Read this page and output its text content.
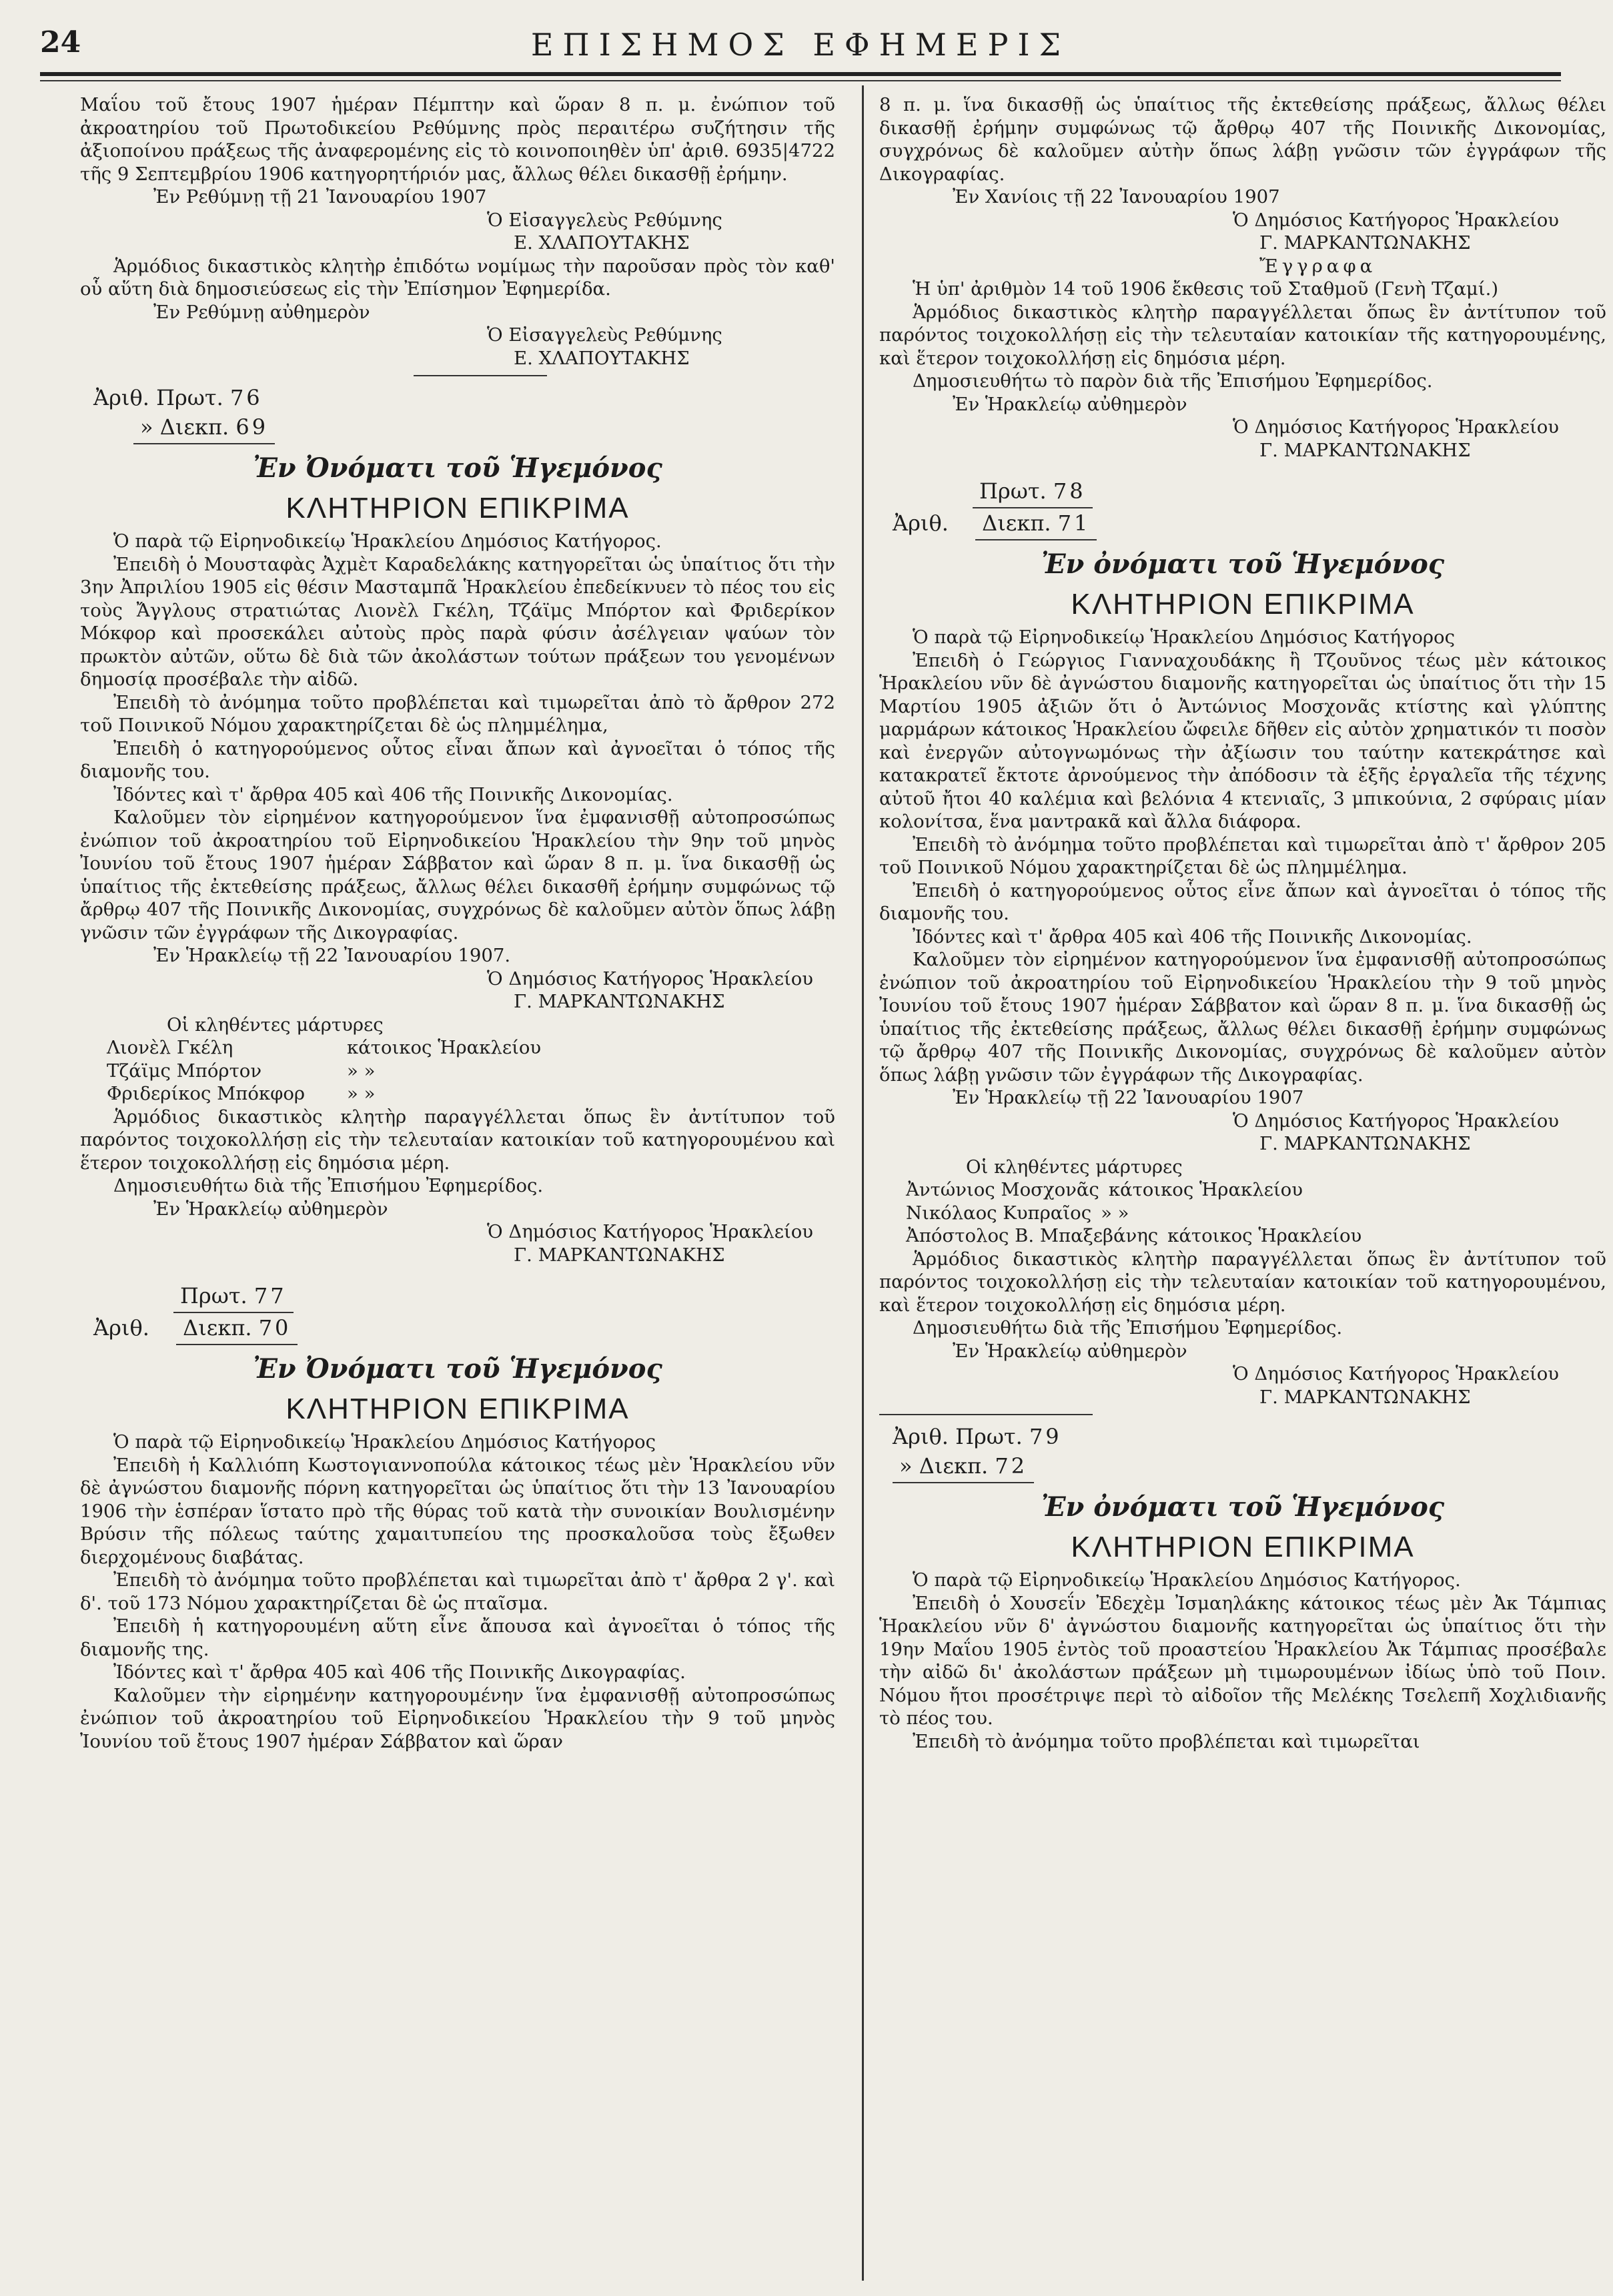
24	ΕΠΙΣΗΜΟΣ ΕΦΗΜΕΡΙΣ

Μαΐου τοῦ ἔτους 1907 ἡμέραν Πέμπτην καὶ ὥραν 8 π. μ. ἐνώπιον τοῦ ἀκροατηρίου τοῦ Πρωτοδικείου Ρεθύμνης πρὸς περαιτέρω συζήτησιν τῆς ἀξιοποίνου πράξεως τῆς ἀναφερομένης εἰς τὸ κοινοποιηθὲν ὑπ' ἀριθ. 6935|4722 τῆς 9 Σεπτεμβρίου 1906 κατηγορητήριόν μας, ἄλλως θέλει δικασθῇ ἐρήμην.

Ἐν Ρεθύμνῃ τῇ 21 Ἰανουαρίου 1907

Ὁ Εἰσαγγελεὺς Ρεθύμνης

Ε. ΧΛΑΠΟΥΤΑΚΗΣ

Ἁρμόδιος δικαστικὸς κλητὴρ ἐπιδότω νομίμως τὴν παροῦσαν πρὸς τὸν καθ' οὗ αὕτη διὰ δημοσιεύσεως εἰς τὴν Ἐπίσημον Ἐφημερίδα.

Ἐν Ρεθύμνῃ αὐθημερὸν

Ὁ Εἰσαγγελεὺς Ρεθύμνης

Ε. ΧΛΑΠΟΥΤΑΚΗΣ

Ἀριθ. Πρωτ. 76
» Διεκπ. 69
Ἐν Ὀνόματι τοῦ Ἡγεμόνος
ΚΛΗΤΗΡΙΟΝ ΕΠΙΚΡΙΜΑ

Ὁ παρὰ τῷ Εἰρηνοδικείῳ Ἡρακλείου Δημόσιος Κατήγορος.

Ἐπειδὴ ὁ Μουσταφὰς Ἀχμὲτ Καραδελάκης κατηγορεῖται ὡς ὑπαίτιος ὅτι τὴν 3ην Ἀπριλίου 1905 εἰς θέσιν Μασταμπᾶ Ἡρακλείου ἐπεδείκνυεν τὸ πέος του εἰς τοὺς Ἄγγλους στρατιώτας Λιονὲλ Γκέλη, Τζάϊμς Μπόρτον καὶ Φριδερίκον Μόκφορ καὶ προσεκάλει αὐτοὺς πρὸς παρὰ φύσιν ἀσέλγειαν ψαύων τὸν πρωκτὸν αὐτῶν, οὕτω δὲ διὰ τῶν ἀκολάστων τούτων πράξεων του γενομένων δημοσίᾳ προσέβαλε τὴν αἰδῶ.

Ἐπειδὴ τὸ ἀνόμημα τοῦτο προβλέπεται καὶ τιμωρεῖται ἀπὸ τὸ ἄρθρον 272 τοῦ Ποινικοῦ Νόμου χαρακτηρίζεται δὲ ὡς πλημμέλημα,

Ἐπειδὴ ὁ κατηγορούμενος οὗτος εἶναι ἄπων καὶ ἀγνοεῖται ὁ τόπος τῆς διαμονῆς του.

Ἰδόντες καὶ τ' ἄρθρα 405 καὶ 406 τῆς Ποινικῆς Δικονομίας.

Καλοῦμεν τὸν εἰρημένον κατηγορούμενον ἵνα ἐμφανισθῇ αὐτοπροσώπως ἐνώπιον τοῦ ἀκροατηρίου τοῦ Εἰρηνοδικείου Ἡρακλείου τὴν 9ην τοῦ μηνὸς Ἰουνίου τοῦ ἔτους 1907 ἡμέραν Σάββατον καὶ ὥραν 8 π. μ. ἵνα δικασθῇ ὡς ὑπαίτιος τῆς ἐκτεθείσης πράξεως, ἄλλως θέλει δικασθῆ ἐρήμην συμφώνως τῷ ἄρθρῳ 407 τῆς Ποινικῆς Δικονομίας, συγχρόνως δὲ καλοῦμεν αὐτὸν ὅπως λάβῃ γνῶσιν τῶν ἐγγράφων τῆς Δικογραφίας.

Ἐν Ἡρακλείῳ τῇ 22 Ἰανουαρίου 1907.

Ὁ Δημόσιος Κατήγορος Ἡρακλείου

Γ. ΜΑΡΚΑΝΤΩΝΑΚΗΣ

Οἱ κληθέντες μάρτυρες

Λιονὲλ Γκέλη	κάτοικος Ἡρακλείου
Τζάϊμς Μπόρτον	» »
Φριδερίκος Μπόκφορ	» »

Ἁρμόδιος δικαστικὸς κλητὴρ παραγγέλλεται ὅπως ἓν ἀντίτυπον τοῦ παρόντος τοιχοκολλήσῃ εἰς τὴν τελευταίαν κατοικίαν τοῦ κατηγορουμένου καὶ ἕτερον τοιχοκολλήσῃ εἰς δημόσια μέρη.

Δημοσιευθήτω διὰ τῆς Ἐπισήμου Ἐφημερίδος.

Ἐν Ἡρακλείῳ αὐθημερὸν

Ὁ Δημόσιος Κατήγορος Ἡρακλείου

Γ. ΜΑΡΚΑΝΤΩΝΑΚΗΣ

Πρωτ. 77
Ἀριθ. Διεκπ. 70
Ἐν Ὀνόματι τοῦ Ἡγεμόνος
ΚΛΗΤΗΡΙΟΝ ΕΠΙΚΡΙΜΑ

Ὁ παρὰ τῷ Εἰρηνοδικείῳ Ἡρακλείου Δημόσιος Κατήγορος

Ἐπειδὴ ἡ Καλλιόπη Κωστογιαννοπούλα κάτοικος τέως μὲν Ἡρακλείου νῦν δὲ ἀγνώστου διαμονῆς πόρνη κατηγορεῖται ὡς ὑπαίτιος ὅτι τὴν 13 Ἰανουαρίου 1906 τὴν ἑσπέραν ἵστατο πρὸ τῆς θύρας τοῦ κατὰ τὴν συνοικίαν Βουλισμένην Βρύσιν τῆς πόλεως ταύτης χαμαιτυπείου της προσκαλοῦσα τοὺς ἔξωθεν διερχομένους διαβάτας.

Ἐπειδὴ τὸ ἀνόμημα τοῦτο προβλέπεται καὶ τιμωρεῖται ἀπὸ τ' ἄρθρα 2 γ'. καὶ δ'. τοῦ 173 Νόμου χαρακτηρίζεται δὲ ὡς πταῖσμα.

Ἐπειδὴ ἡ κατηγορουμένη αὕτη εἶνε ἄπουσα καὶ ἀγνοεῖται ὁ τόπος τῆς διαμονῆς της.

Ἰδόντες καὶ τ' ἄρθρα 405 καὶ 406 τῆς Ποινικῆς Δικογραφίας.

Καλοῦμεν τὴν εἰρημένην κατηγορουμένην ἵνα ἐμφανισθῇ αὐτοπροσώπως ἐνώπιον τοῦ ἀκροατηρίου τοῦ Εἰρηνοδικείου Ἡρακλείου τὴν 9 τοῦ μηνὸς Ἰουνίου τοῦ ἔτους 1907 ἡμέραν Σάββατον καὶ ὥραν

8 π. μ. ἵνα δικασθῇ ὡς ὑπαίτιος τῆς ἐκτεθείσης πράξεως, ἄλλως θέλει δικασθῇ ἐρήμην συμφώνως τῷ ἄρθρῳ 407 τῆς Ποινικῆς Δικονομίας, συγχρόνως δὲ καλοῦμεν αὐτὴν ὅπως λάβῃ γνῶσιν τῶν ἐγγράφων τῆς Δικογραφίας.

Ἐν Χανίοις τῇ 22 Ἰανουαρίου 1907

Ὁ Δημόσιος Κατήγορος Ἡρακλείου

Γ. ΜΑΡΚΑΝΤΩΝΑΚΗΣ

Ἔγγραφα

Ἡ ὑπ' ἀριθμὸν 14 τοῦ 1906 ἔκθεσις τοῦ Σταθμοῦ (Γενὴ Τζαμί.)

Ἁρμόδιος δικαστικὸς κλητὴρ παραγγέλλεται ὅπως ἓν ἀντίτυπον τοῦ παρόντος τοιχοκολλήσῃ εἰς τὴν τελευταίαν κατοικίαν τῆς κατηγορουμένης, καὶ ἕτερον τοιχοκολλήσῃ εἰς δημόσια μέρη.

Δημοσιευθήτω τὸ παρὸν διὰ τῆς Ἐπισήμου Ἐφημερίδος.

Ἐν Ἡρακλείῳ αὐθημερὸν

Ὁ Δημόσιος Κατήγορος Ἡρακλείου

Γ. ΜΑΡΚΑΝΤΩΝΑΚΗΣ

Πρωτ. 78
Ἀριθ. Διεκπ. 71
Ἐν ὀνόματι τοῦ Ἡγεμόνος
ΚΛΗΤΗΡΙΟΝ ΕΠΙΚΡΙΜΑ

Ὁ παρὰ τῷ Εἰρηνοδικείῳ Ἡρακλείου Δημόσιος Κατήγορος

Ἐπειδὴ ὁ Γεώργιος Γιανναχουδάκης ἢ Τζουῦνος τέως μὲν κάτοικος Ἡρακλείου νῦν δὲ ἀγνώστου διαμονῆς κατηγορεῖται ὡς ὑπαίτιος ὅτι τὴν 15 Μαρτίου 1905 ἀξιῶν ὅτι ὁ Ἀντώνιος Μοσχονᾶς κτίστης καὶ γλύπτης μαρμάρων κάτοικος Ἡρακλείου ὤφειλε δῆθεν εἰς αὐτὸν χρηματικόν τι ποσὸν καὶ ἐνεργῶν αὐτογνωμόνως τὴν ἀξίωσιν του ταύτην κατεκράτησε καὶ κατακρατεῖ ἔκτοτε ἀρνούμενος τὴν ἀπόδοσιν τὰ ἑξῆς ἐργαλεῖα τῆς τέχνης αὐτοῦ ἤτοι 40 καλέμια καὶ βελόνια 4 κτενιαῖς, 3 μπικούνια, 2 σφύραις μίαν κολονίτσα, ἕνα μαντρακᾶ καὶ ἄλλα διάφορα.

Ἐπειδὴ τὸ ἀνόμημα τοῦτο προβλέπεται καὶ τιμωρεῖται ἀπὸ τ' ἄρθρον 205 τοῦ Ποινικοῦ Νόμου χαρακτηρίζεται δὲ ὡς πλημμέλημα.

Ἐπειδὴ ὁ κατηγορούμενος οὗτος εἶνε ἄπων καὶ ἀγνοεῖται ὁ τόπος τῆς διαμονῆς του.

Ἰδόντες καὶ τ' ἄρθρα 405 καὶ 406 τῆς Ποινικῆς Δικονομίας.

Καλοῦμεν τὸν εἰρημένον κατηγορούμενον ἵνα ἐμφανισθῇ αὐτοπροσώπως ἐνώπιον τοῦ ἀκροατηρίου τοῦ Εἰρηνοδικείου Ἡρακλείου τὴν 9 τοῦ μηνὸς Ἰουνίου τοῦ ἔτους 1907 ἡμέραν Σάββατον καὶ ὥραν 8 π. μ. ἵνα δικασθῇ ὡς ὑπαίτιος τῆς ἐκτεθείσης πράξεως, ἄλλως θέλει δικασθῇ ἐρήμην συμφώνως τῷ ἄρθρῳ 407 τῆς Ποινικῆς Δικονομίας, συγχρόνως δὲ καλοῦμεν αὐτὸν ὅπως λάβῃ γνῶσιν τῶν ἐγγράφων τῆς Δικογραφίας.

Ἐν Ἡρακλείῳ τῇ 22 Ἰανουαρίου 1907

Ὁ Δημόσιος Κατήγορος Ἡρακλείου

Γ. ΜΑΡΚΑΝΤΩΝΑΚΗΣ

Οἱ κληθέντες μάρτυρες

Ἀντώνιος Μοσχονᾶς κάτοικος Ἡρακλείου
Νικόλαος Κυπραῖος » »
Ἀπόστολος Β. Μπαξεβάνης κάτοικος Ἡρακλείου

Ἁρμόδιος δικαστικὸς κλητὴρ παραγγέλλεται ὅπως ἓν ἀντίτυπον τοῦ παρόντος τοιχοκολλήσῃ εἰς τὴν τελευταίαν κατοικίαν τοῦ κατηγορουμένου, καὶ ἕτερον τοιχοκολλήσῃ εἰς δημόσια μέρη.

Δημοσιευθήτω διὰ τῆς Ἐπισήμου Ἐφημερίδος.

Ἐν Ἡρακλείῳ αὐθημερὸν

Ὁ Δημόσιος Κατήγορος Ἡρακλείου

Γ. ΜΑΡΚΑΝΤΩΝΑΚΗΣ

Ἀριθ. Πρωτ. 79
» Διεκπ. 72
Ἐν ὀνόματι τοῦ Ἡγεμόνος
ΚΛΗΤΗΡΙΟΝ ΕΠΙΚΡΙΜΑ

Ὁ παρὰ τῷ Εἰρηνοδικείῳ Ἡρακλείου Δημόσιος Κατήγορος.

Ἐπειδὴ ὁ Χουσεΐν Ἐδεχὲμ Ἰσμαηλάκης κάτοικος τέως μὲν Ἀκ Τάμπιας Ἡρακλείου νῦν δ' ἀγνώστου διαμονῆς κατηγορεῖται ὡς ὑπαίτιος ὅτι τὴν 19ην Μαΐου 1905 ἐντὸς τοῦ προαστείου Ἡρακλείου Ἀκ Τάμπιας προσέβαλε τὴν αἰδῶ δι' ἀκολάστων πράξεων μὴ τιμωρουμένων ἰδίως ὑπὸ τοῦ Ποιν. Νόμου ἤτοι προσέτριψε περὶ τὸ αἰδοῖον τῆς Μελέκης Τσελεπῆ Χοχλιδιανῆς τὸ πέος του.

Ἐπειδὴ τὸ ἀνόμημα τοῦτο προβλέπεται καὶ τιμωρεῖται
